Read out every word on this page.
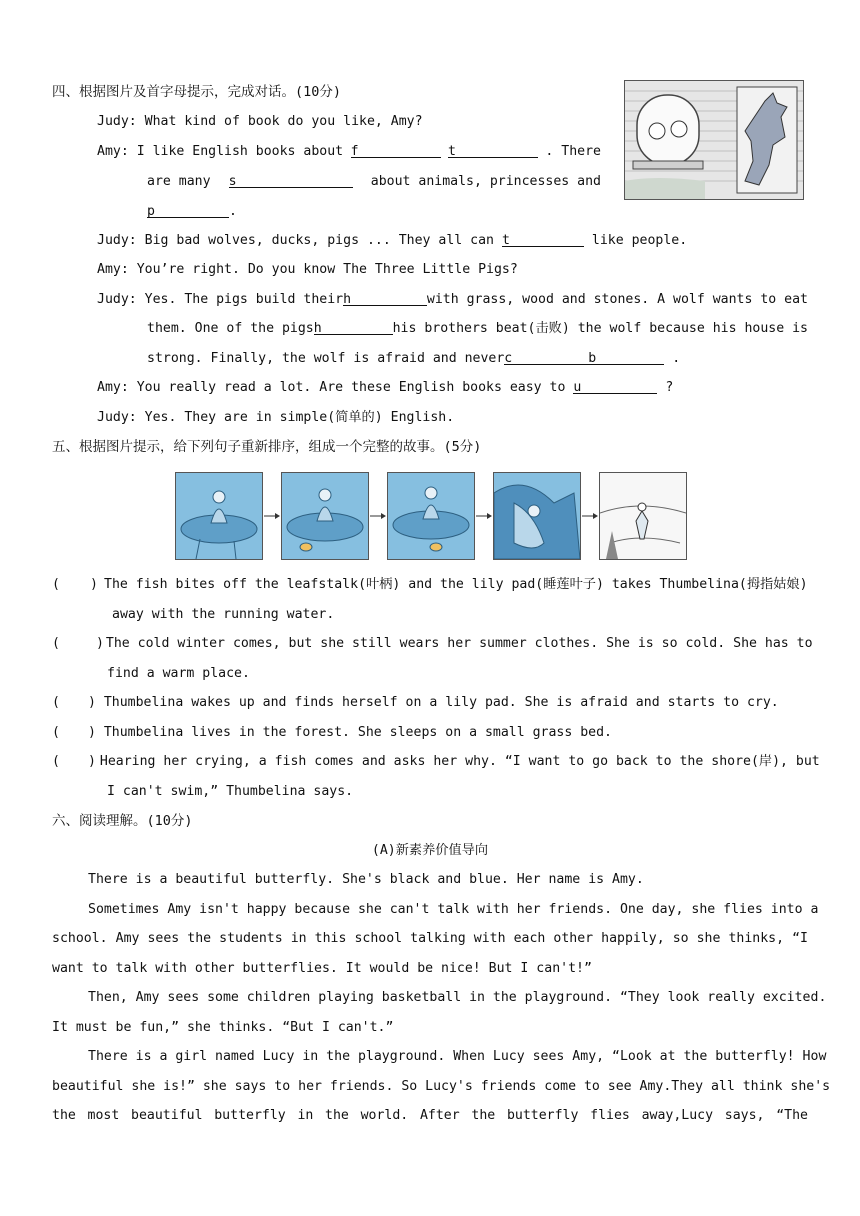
四、根据图片及首字母提示，完成对话。(10分)
Judy: What kind of book do you like, Amy?
Amy: I like English books about f	t	. There
are many s	about animals, princesses and
p	.
Judy: Big bad wolves, ducks, pigs ... They all can t	like people.
Amy: You’re right. Do you know The Three Little Pigs?
Judy: Yes. The pigs build their h	with grass, wood and stones. A wolf wants to eat
them. One of the pigs h	his brothers beat(击败) the wolf because his house is
strong. Finally, the wolf is afraid and neverc	b	.
Amy: You really read a lot. Are these English books easy to u	?
Judy: Yes. They are in simple(简单的) English.
五、根据图片提示，给下列句子重新排序，组成一个完整的故事。(5分)
( ) The fish bites off the leafstalk(叶柄) and the lily pad(睡莲叶子) takes Thumbelina(拇指姑娘)
away with the running water.
(	) The cold winter comes, but she still wears her summer clothes. She is so cold. She has to
find a warm place.
( ) Thumbelina wakes up and finds herself on a lily pad. She is afraid and starts to cry.
( ) Thumbelina lives in the forest. She sleeps on a small grass bed.
( ) Hearing her crying, a fish comes and asks her why. “I want to go back to the shore(岸), but
I can't swim,” Thumbelina says.
六、阅读理解。(10分)
(A)新素养价值导向
There is a beautiful butterfly. She's black and blue. Her name is Amy.
Sometimes Amy isn't happy because she can't talk with her friends. One day, she flies into a
school. Amy sees the students in this school talking with each other happily, so she thinks, “I
want to talk with other butterflies. It would be nice! But I can't!”
Then, Amy sees some children playing basketball in the playground. “They look really excited.
It must be fun,” she thinks. “But I can't.”
There is a girl named Lucy in the playground. When Lucy sees Amy, “Look at the butterfly! How
beautiful she is!” she says to her friends. So Lucy's friends come to see Amy.They all think she's
the most beautiful butterfly in the world. After the butterfly flies away,Lucy says, “The
